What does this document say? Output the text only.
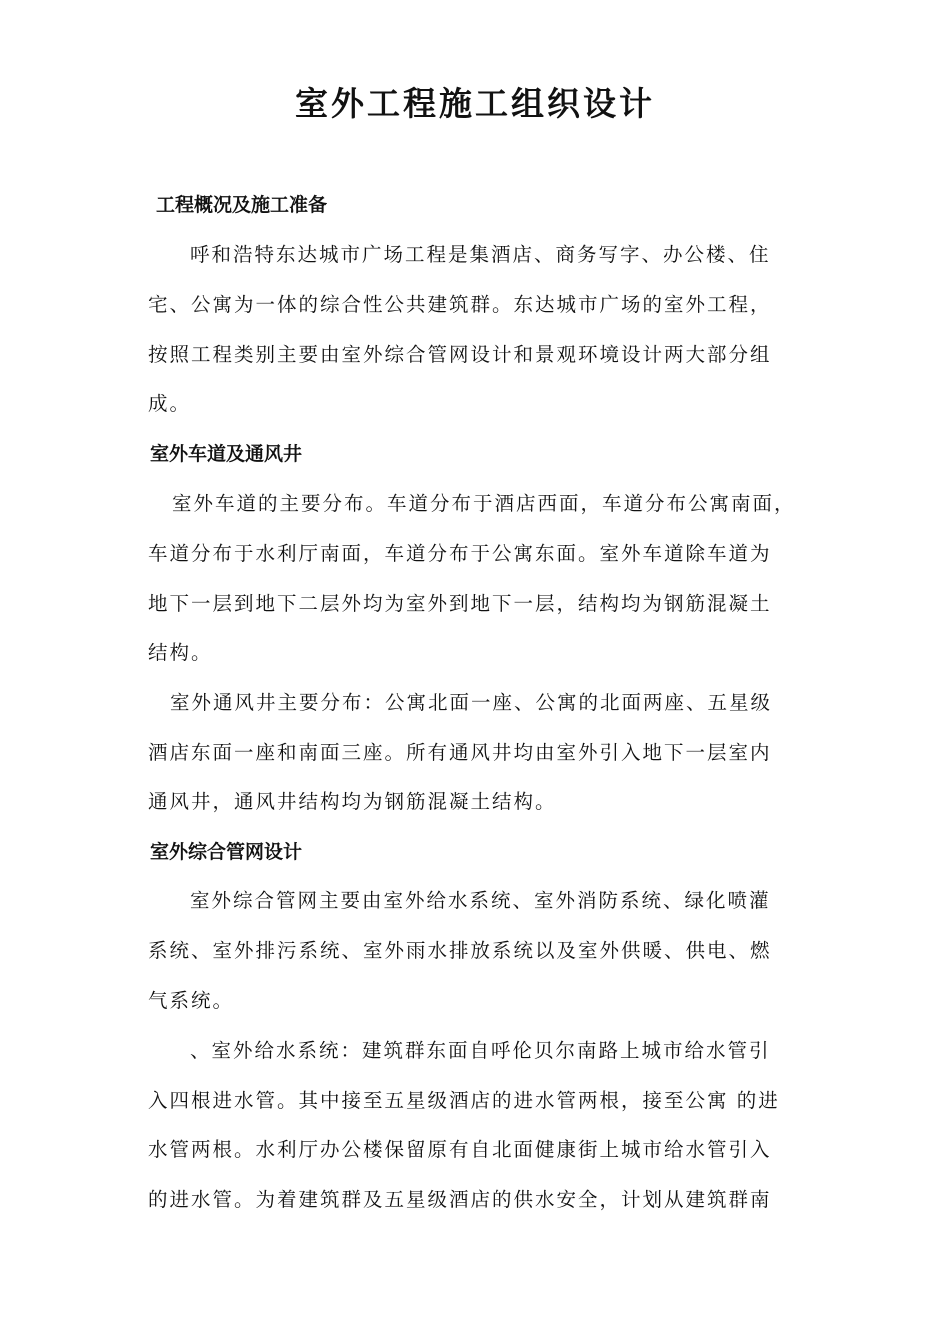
室外工程施工组织设计
工程概况及施工准备
呼和浩特东达城市广场工程是集酒店、商务写字、办公楼、住
宅、公寓为一体的综合性公共建筑群。东达城市广场的室外工程，
按照工程类别主要由室外综合管网设计和景观环境设计两大部分组
成。
室外车道及通风井
室外车道的主要分布。车道分布于酒店西面，车道分布公寓南面，
车道分布于水利厅南面，车道分布于公寓东面。室外车道除车道为
地下一层到地下二层外均为室外到地下一层，结构均为钢筋混凝土
结构。
室外通风井主要分布：公寓北面一座、公寓的北面两座、五星级
酒店东面一座和南面三座。所有通风井均由室外引入地下一层室内
通风井，通风井结构均为钢筋混凝土结构。
室外综合管网设计
室外综合管网主要由室外给水系统、室外消防系统、绿化喷灌
系统、室外排污系统、室外雨水排放系统以及室外供暖、供电、燃
气系统。
、室外给水系统：建筑群东面自呼伦贝尔南路上城市给水管引
入四根进水管。其中接至五星级酒店的进水管两根，接至公寓 的进
水管两根。水利厅办公楼保留原有自北面健康街上城市给水管引入
的进水管。为着建筑群及五星级酒店的供水安全，计划从建筑群南
